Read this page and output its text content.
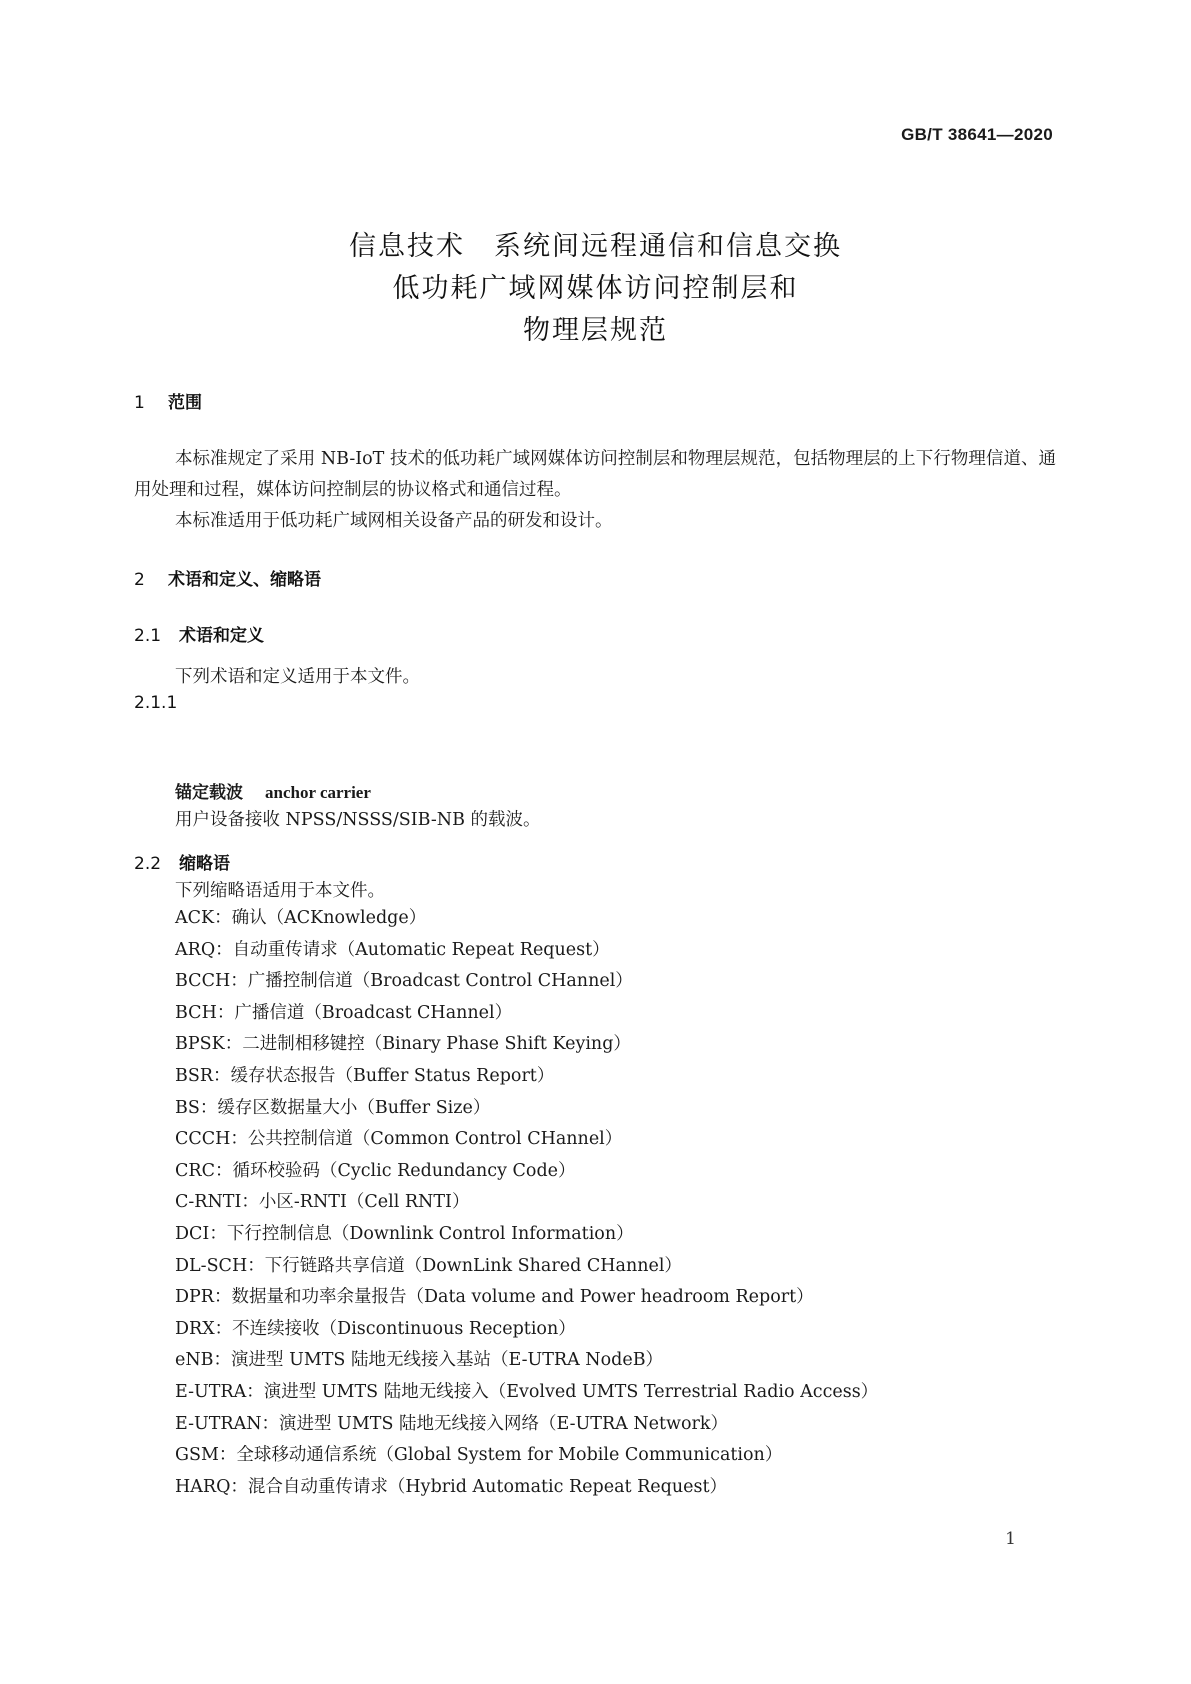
GB/T 38641—2020
信息技术　系统间远程通信和信息交换
低功耗广域网媒体访问控制层和
物理层规范
1 范围

本标准规定了采用 NB-IoT 技术的低功耗广域网媒体访问控制层和物理层规范，包括物理层的上下行物理信道、通用处理和过程，媒体访问控制层的协议格式和通信过程。

本标准适用于低功耗广域网相关设备产品的研发和设计。

2 术语和定义、缩略语
2.1 术语和定义
下列术语和定义适用于本文件。
2.1.1
锚定载波 anchor carrier
用户设备接收 NPSS/NSSS/SIB-NB 的载波。
2.2 缩略语
下列缩略语适用于本文件。
ACK：确认（ACKnowledge）
ARQ：自动重传请求（Automatic Repeat Request）
BCCH：广播控制信道（Broadcast Control CHannel）
BCH：广播信道（Broadcast CHannel）
BPSK：二进制相移键控（Binary Phase Shift Keying）
BSR：缓存状态报告（Buffer Status Report）
BS：缓存区数据量大小（Buffer Size）
CCCH：公共控制信道（Common Control CHannel）
CRC：循环校验码（Cyclic Redundancy Code）
C-RNTI：小区-RNTI（Cell RNTI）
DCI：下行控制信息（Downlink Control Information）
DL-SCH：下行链路共享信道（DownLink Shared CHannel）
DPR：数据量和功率余量报告（Data volume and Power headroom Report）
DRX：不连续接收（Discontinuous Reception）
eNB：演进型 UMTS 陆地无线接入基站（E-UTRA NodeB）
E-UTRA：演进型 UMTS 陆地无线接入（Evolved UMTS Terrestrial Radio Access）
E-UTRAN：演进型 UMTS 陆地无线接入网络（E-UTRA Network）
GSM：全球移动通信系统（Global System for Mobile Communication）
HARQ：混合自动重传请求（Hybrid Automatic Repeat Request）
1
